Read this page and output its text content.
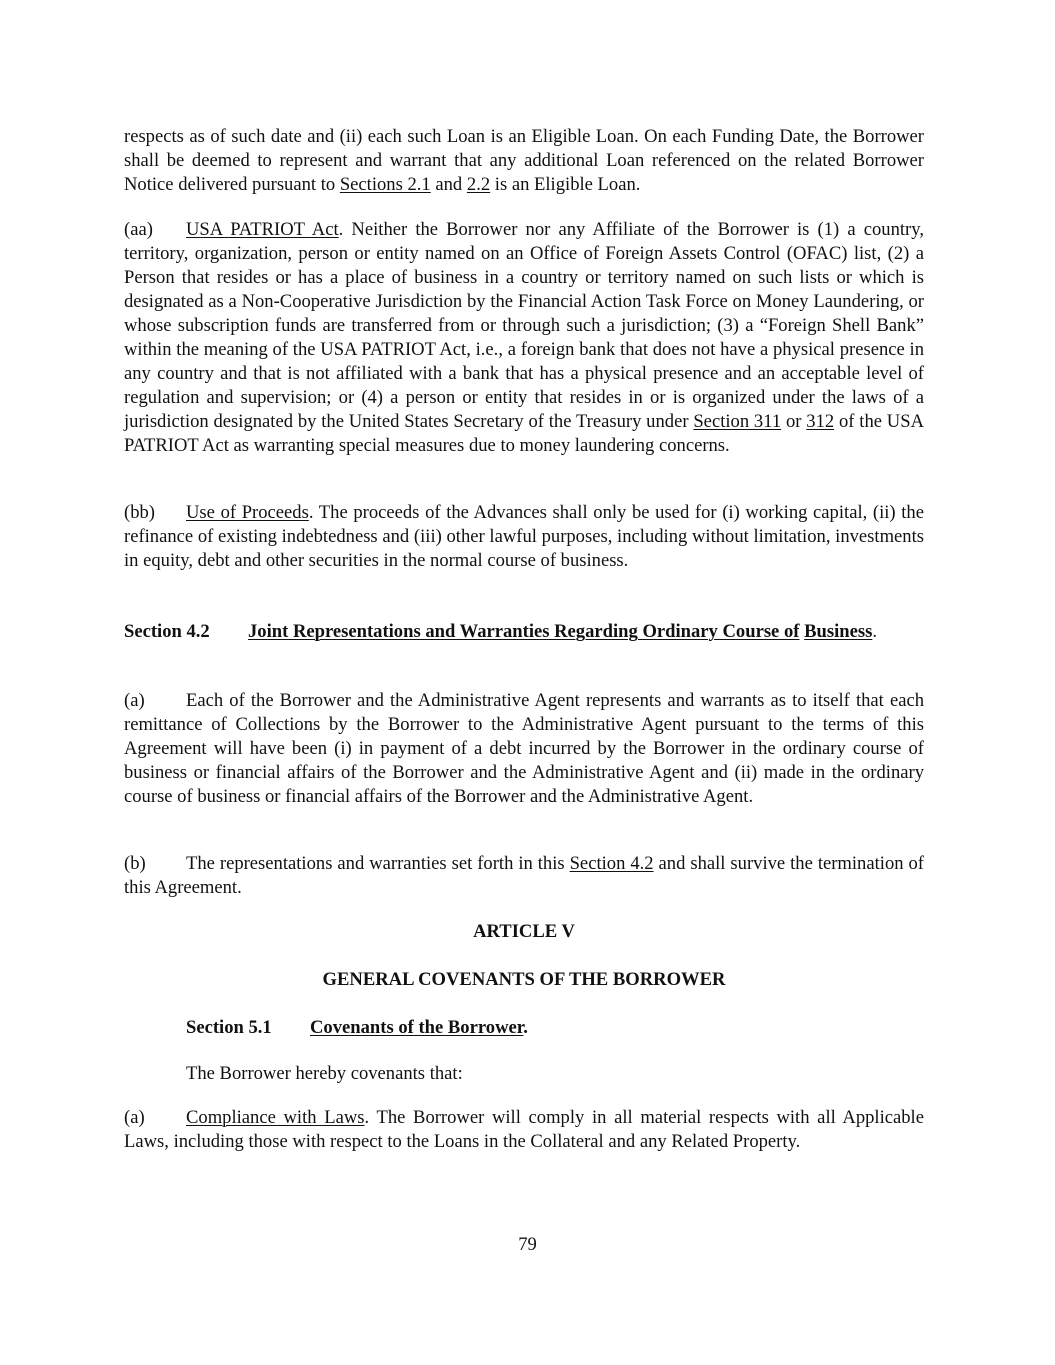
respects as of such date and (ii) each such Loan is an Eligible Loan. On each Funding Date, the Borrower shall be deemed to represent and warrant that any additional Loan referenced on the related Borrower Notice delivered pursuant to Sections 2.1 and 2.2 is an Eligible Loan.

(aa) USA PATRIOT Act. Neither the Borrower nor any Affiliate of the Borrower is (1) a country, territory, organization, person or entity named on an Office of Foreign Assets Control (OFAC) list, (2) a Person that resides or has a place of business in a country or territory named on such lists or which is designated as a Non-Cooperative Jurisdiction by the Financial Action Task Force on Money Laundering, or whose subscription funds are transferred from or through such a jurisdiction; (3) a “Foreign Shell Bank” within the meaning of the USA PATRIOT Act, i.e., a foreign bank that does not have a physical presence in any country and that is not affiliated with a bank that has a physical presence and an acceptable level of regulation and supervision; or (4) a person or entity that resides in or is organized under the laws of a jurisdiction designated by the United States Secretary of the Treasury under Section 311 or 312 of the USA PATRIOT Act as warranting special measures due to money laundering concerns.

(bb) Use of Proceeds. The proceeds of the Advances shall only be used for (i) working capital, (ii) the refinance of existing indebtedness and (iii) other lawful purposes, including without limitation, investments in equity, debt and other securities in the normal course of business.

Section 4.2 Joint Representations and Warranties Regarding Ordinary Course of Business.

(a) Each of the Borrower and the Administrative Agent represents and warrants as to itself that each remittance of Collections by the Borrower to the Administrative Agent pursuant to the terms of this Agreement will have been (i) in payment of a debt incurred by the Borrower in the ordinary course of business or financial affairs of the Borrower and the Administrative Agent and (ii) made in the ordinary course of business or financial affairs of the Borrower and the Administrative Agent.

(b) The representations and warranties set forth in this Section 4.2 and shall survive the termination of this Agreement.

ARTICLE V

GENERAL COVENANTS OF THE BORROWER

Section 5.1 Covenants of the Borrower.

The Borrower hereby covenants that:

(a) Compliance with Laws. The Borrower will comply in all material respects with all Applicable Laws, including those with respect to the Loans in the Collateral and any Related Property.

79
